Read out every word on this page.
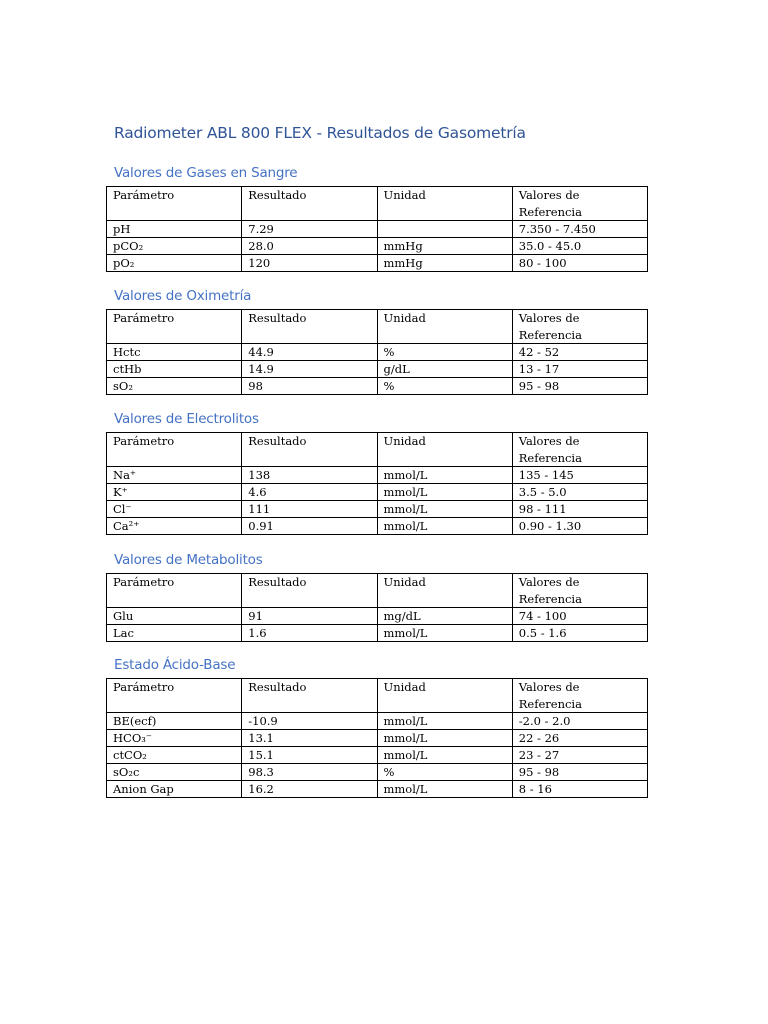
Radiometer ABL 800 FLEX - Resultados de Gasometría
Valores de Gases en Sangre
Parámetro	Resultado	Unidad	Valores de Referencia
pH	7.29		7.350 - 7.450
pCO₂	28.0	mmHg	35.0 - 45.0
pO₂	120	mmHg	80 - 100
Valores de Oximetría
Parámetro	Resultado	Unidad	Valores de Referencia
Hctc	44.9	%	42 - 52
ctHb	14.9	g/dL	13 - 17
sO₂	98	%	95 - 98
Valores de Electrolitos
Parámetro	Resultado	Unidad	Valores de Referencia
Na⁺	138	mmol/L	135 - 145
K⁺	4.6	mmol/L	3.5 - 5.0
Cl⁻	111	mmol/L	98 - 111
Ca²⁺	0.91	mmol/L	0.90 - 1.30
Valores de Metabolitos
Parámetro	Resultado	Unidad	Valores de Referencia
Glu	91	mg/dL	74 - 100
Lac	1.6	mmol/L	0.5 - 1.6
Estado Ácido-Base
Parámetro	Resultado	Unidad	Valores de Referencia
BE(ecf)	-10.9	mmol/L	-2.0 - 2.0
HCO₃⁻	13.1	mmol/L	22 - 26
ctCO₂	15.1	mmol/L	23 - 27
sO₂c	98.3	%	95 - 98
Anion Gap	16.2	mmol/L	8 - 16
